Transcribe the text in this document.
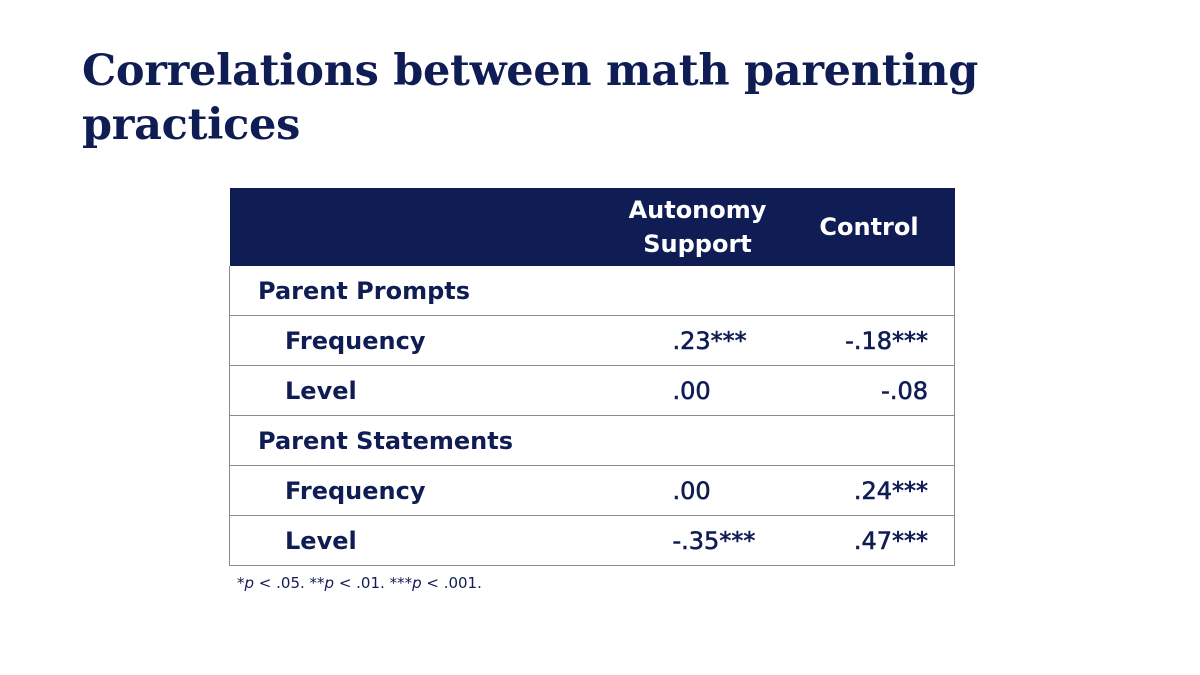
Correlations between math parenting practices
	Autonomy Support	Control
Parent Prompts		
Frequency	.23***	-.18***
Level	.00	-.08
Parent Statements		
Frequency	.00	.24***
Level	-.35***	.47***
*p < .05. **p < .01. ***p < .001.
